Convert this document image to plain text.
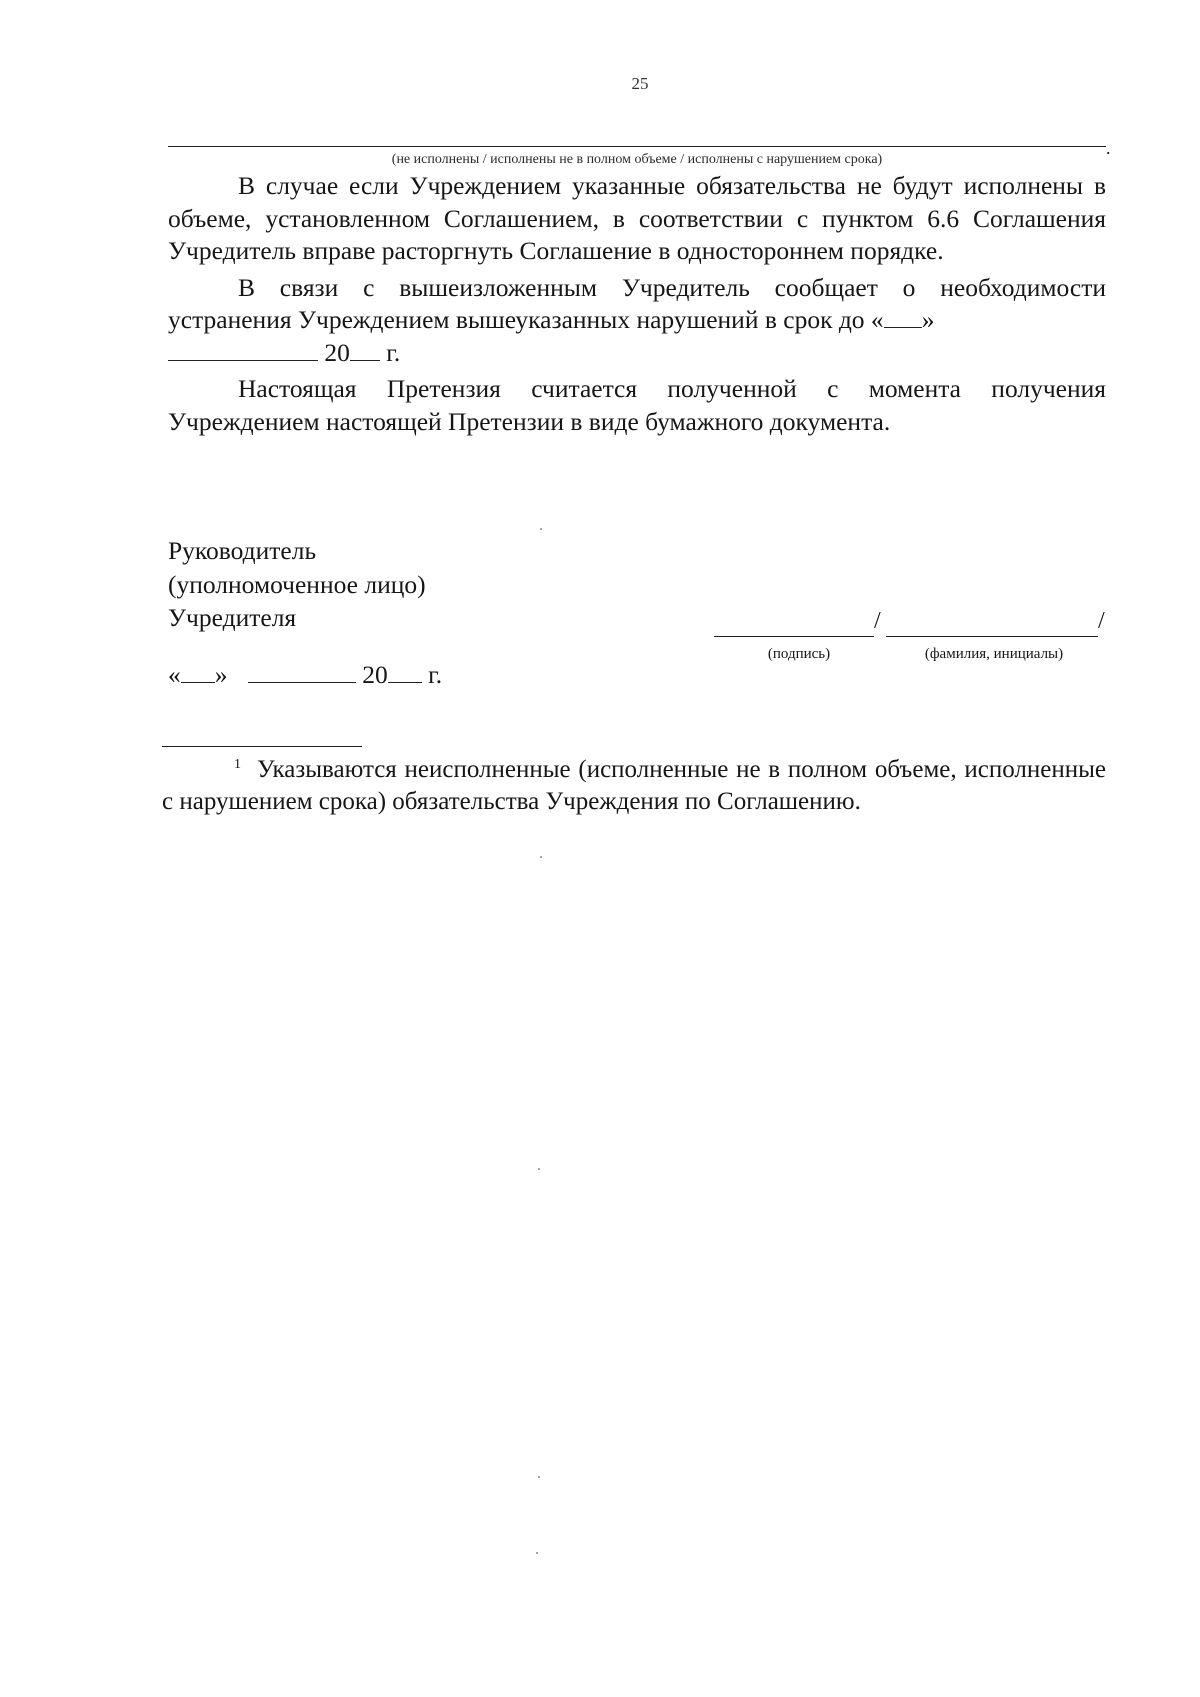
25
.
(не исполнены / исполнены не в полном объеме / исполнены с нарушением срока)

В случае если Учреждением указанные обязательства не будут исполнены в объеме, установленном Соглашением, в соответствии с пунктом 6.6 Соглашения Учредитель вправе расторгнуть Соглашение в одностороннем порядке.

В связи с вышеизложенным Учредитель сообщает о необходимости устранения Учреждением вышеуказанных нарушений в срок до « »
20 г.

Настоящая Претензия считается полученной с момента получения Учреждением настоящей Претензии в виде бумажного документа.

Руководитель
(уполномоченное лицо)
Учредителя	/	/
(подпись)	(фамилия, инициалы)
« »	20 г.
$^1$ Указываются неисполненные (исполненные не в полном объеме, исполненные с нарушением срока) обязательства Учреждения по Соглашению.
